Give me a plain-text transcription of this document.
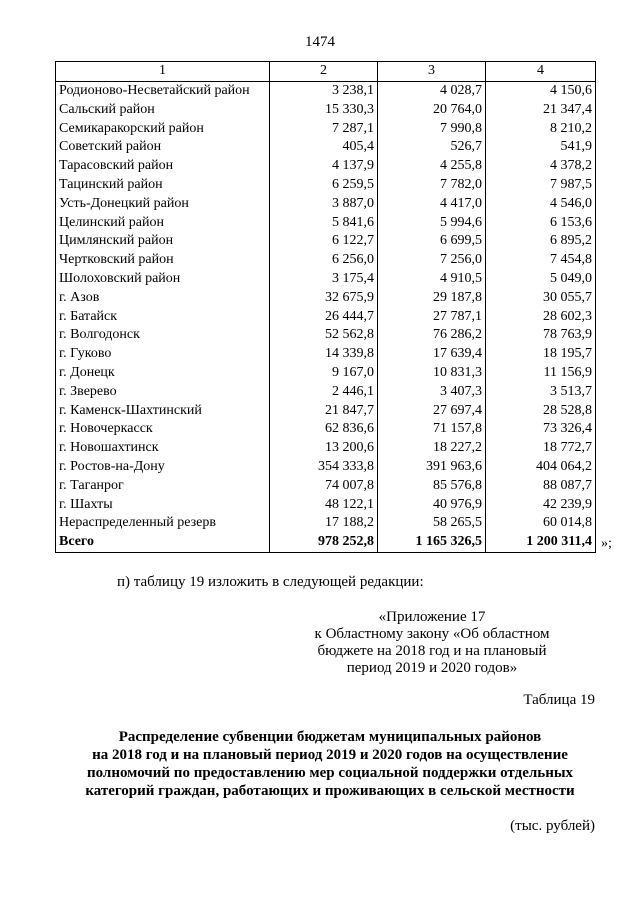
1474
1	2	3	4
Родионово-Несветайский район	3 238,1	4 028,7	4 150,6
Сальский район	15 330,3	20 764,0	21 347,4
Семикаракорский район	7 287,1	7 990,8	8 210,2
Советский район	405,4	526,7	541,9
Тарасовский район	4 137,9	4 255,8	4 378,2
Тацинский район	6 259,5	7 782,0	7 987,5
Усть-Донецкий район	3 887,0	4 417,0	4 546,0
Целинский район	5 841,6	5 994,6	6 153,6
Цимлянский район	6 122,7	6 699,5	6 895,2
Чертковский район	6 256,0	7 256,0	7 454,8
Шолоховский район	3 175,4	4 910,5	5 049,0
г. Азов	32 675,9	29 187,8	30 055,7
г. Батайск	26 444,7	27 787,1	28 602,3
г. Волгодонск	52 562,8	76 286,2	78 763,9
г. Гуково	14 339,8	17 639,4	18 195,7
г. Донецк	9 167,0	10 831,3	11 156,9
г. Зверево	2 446,1	3 407,3	3 513,7
г. Каменск-Шахтинский	21 847,7	27 697,4	28 528,8
г. Новочеркасск	62 836,6	71 157,8	73 326,4
г. Новошахтинск	13 200,6	18 227,2	18 772,7
г. Ростов-на-Дону	354 333,8	391 963,6	404 064,2
г. Таганрог	74 007,8	85 576,8	88 087,7
г. Шахты	48 122,1	40 976,9	42 239,9
Нераспределенный резерв	17 188,2	58 265,5	60 014,8
Всего	978 252,8	1 165 326,5	1 200 311,4 »;
п) таблицу 19 изложить в следующей редакции:
«Приложение 17
к Областному закону «Об областном
бюджете на 2018 год и на плановый
период 2019 и 2020 годов»
Таблица 19
Распределение субвенции бюджетам муниципальных районов
на 2018 год и на плановый период 2019 и 2020 годов на осуществление
полномочий по предоставлению мер социальной поддержки отдельных
категорий граждан, работающих и проживающих в сельской местности
(тыс. рублей)
